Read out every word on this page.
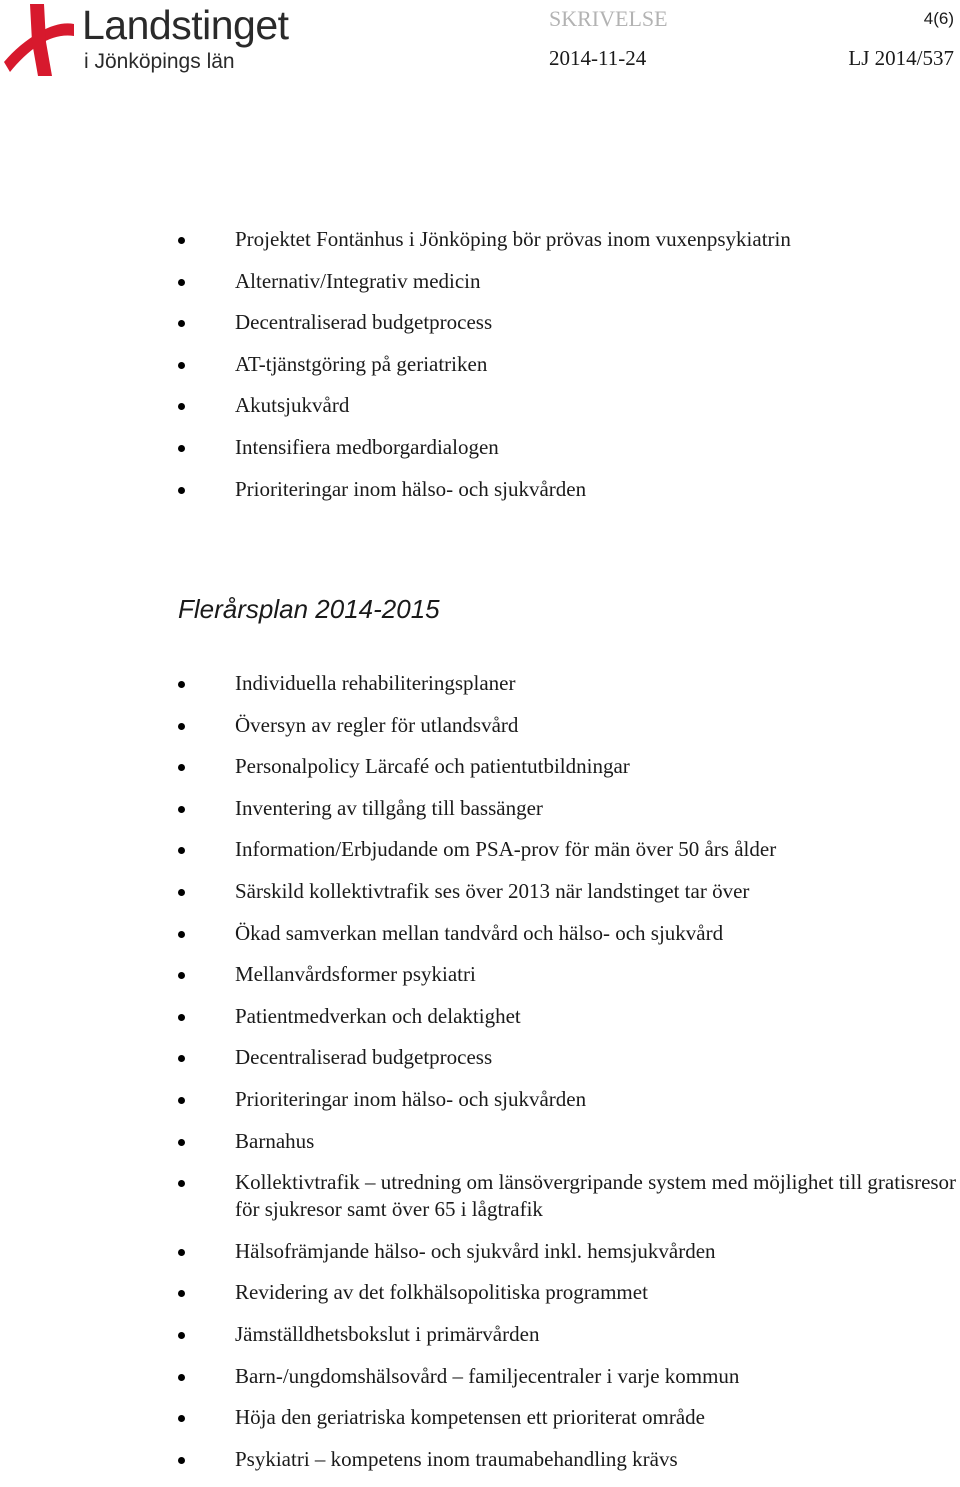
Landstinget
i Jönköpings län
SKRIVELSE	4(6)
2014-11-24	LJ 2014/537
Projektet Fontänhus i Jönköping bör prövas inom vuxenpsykiatrin
Alternativ/Integrativ medicin
Decentraliserad budgetprocess
AT-tjänstgöring på geriatriken
Akutsjukvård
Intensifiera medborgardialogen
Prioriteringar inom hälso- och sjukvården
Flerårsplan 2014-2015
Individuella rehabiliteringsplaner
Översyn av regler för utlandsvård
Personalpolicy Lärcafé och patientutbildningar
Inventering av tillgång till bassänger
Information/Erbjudande om PSA-prov för män över 50 års ålder
Särskild kollektivtrafik ses över 2013 när landstinget tar över
Ökad samverkan mellan tandvård och hälso- och sjukvård
Mellanvårdsformer psykiatri
Patientmedverkan och delaktighet
Decentraliserad budgetprocess
Prioriteringar inom hälso- och sjukvården
Barnahus
Kollektivtrafik – utredning om länsövergripande system med möjlighet till gratisresor för sjukresor samt över 65 i lågtrafik
Hälsofrämjande hälso- och sjukvård inkl. hemsjukvården
Revidering av det folkhälsopolitiska programmet
Jämställdhetsbokslut i primärvården
Barn-/ungdomshälsovård – familjecentraler i varje kommun
Höja den geriatriska kompetensen ett prioriterat område
Psykiatri – kompetens inom traumabehandling krävs
